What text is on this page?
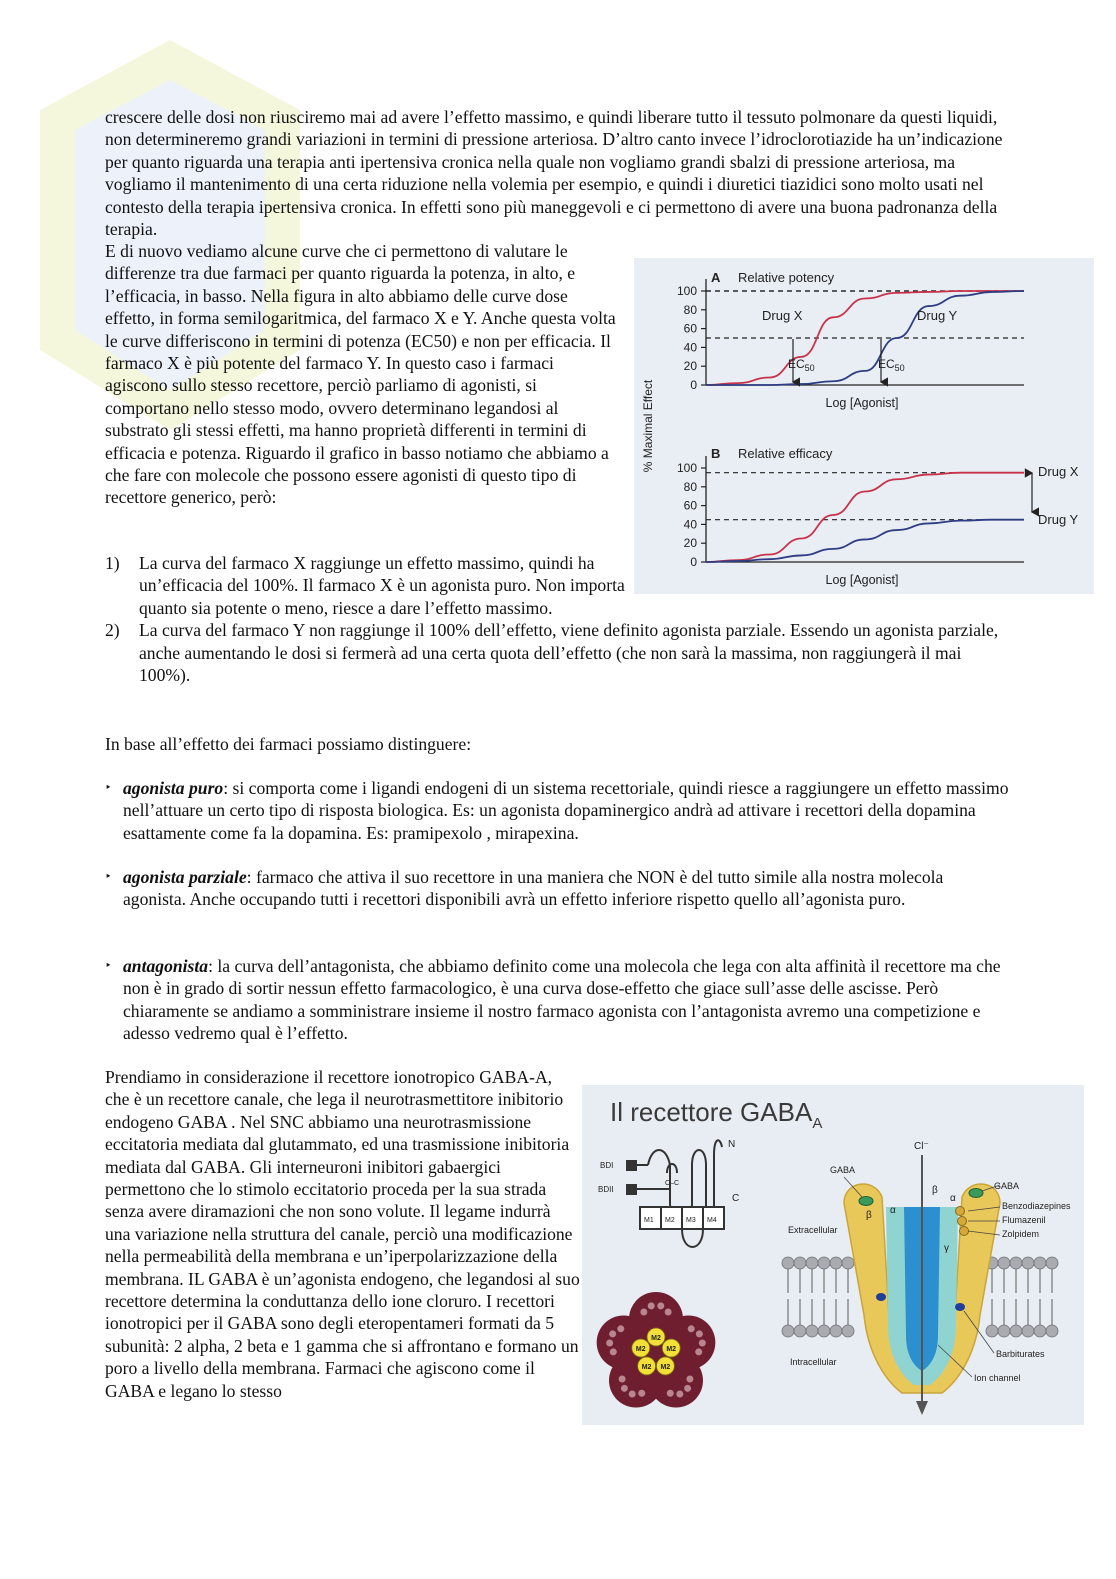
crescere delle dosi non riusciremo mai ad avere l’effetto massimo, e quindi liberare tutto il tessuto polmonare da questi liquidi, non determineremo grandi variazioni in termini di pressione arteriosa. D’altro canto invece l’idroclorotiazide ha un’indicazione per quanto riguarda una terapia anti ipertensiva cronica nella quale non vogliamo grandi sbalzi di pressione arteriosa, ma vogliamo il mantenimento di una certa riduzione nella volemia per esempio, e quindi i diuretici tiazidici sono molto usati nel contesto della terapia ipertensiva cronica. In effetti sono più maneggevoli e ci permettono di avere una buona padronanza della terapia.

E di nuovo vediamo alcune curve che ci permettono di valutare le differenze tra due farmaci per quanto riguarda la potenza, in alto, e l’efficacia, in basso. Nella figura in alto abbiamo delle curve dose effetto, in forma semilogaritmica, del farmaco X e Y. Anche questa volta le curve differiscono in termini di potenza (EC50) e non per efficacia. Il farmaco X è più potente del farmaco Y. In questo caso i farmaci agiscono sullo stesso recettore, perciò parliamo di agonisti, si comportano nello stesso modo, ovvero determinano legandosi al substrato gli stessi effetti, ma hanno proprietà differenti in termini di efficacia e potenza. Riguardo il grafico in basso notiamo che abbiamo a che fare con molecole che possono essere agonisti di questo tipo di recettore generico, però:

1) La curva del farmaco X raggiunge un effetto massimo, quindi ha un’efficacia del 100%. Il farmaco X è un agonista puro. Non importa quanto sia potente o meno, riesce a dare l’effetto massimo.
2) La curva del farmaco Y non raggiunge il 100% dell’effetto, viene definito agonista parziale. Essendo un agonista parziale, anche aumentando le dosi si fermerà ad una certa quota dell’effetto (che non sarà la massima, non raggiungerà il mai 100%).

In base all’effetto dei farmaci possiamo distinguere:

‣ agonista puro: si comporta come i ligandi endogeni di un sistema recettoriale, quindi riesce a raggiungere un effetto massimo nell’attuare un certo tipo di risposta biologica. Es: un agonista dopaminergico andrà ad attivare i recettori della dopamina esattamente come fa la dopamina. Es: pramipexolo , mirapexina.

‣ agonista parziale: farmaco che attiva il suo recettore in una maniera che NON è del tutto simile alla nostra molecola agonista. Anche occupando tutti i recettori disponibili avrà un effetto inferiore rispetto quello all’agonista puro.

‣ antagonista: la curva dell’antagonista, che abbiamo definito come una molecola che lega con alta affinità il recettore ma che non è in grado di sortir nessun effetto farmacologico, è una curva dose-effetto che giace sull’asse delle ascisse. Però chiaramente se andiamo a somministrare insieme il nostro farmaco agonista con l’antagonista avremo una competizione e adesso vedremo qual è l’effetto.

Prendiamo in considerazione il recettore ionotropico GABA-A, che è un recettore canale, che lega il neurotrasmettitore inibitorio endogeno GABA . Nel SNC abbiamo una neurotrasmissione eccitatoria mediata dal glutammato, ed una trasmissione inibitoria mediata dal GABA. Gli interneuroni inibitori gabaergici permettono che lo stimolo eccitatorio proceda per la sua strada senza avere diramazioni che non sono volute. Il legame indurrà una variazione nella struttura del canale, perciò una modificazione nella permeabilità della membrana e un’iperpolarizzazione della membrana. IL GABA è un’agonista endogeno, che legandosi al suo recettore determina la conduttanza dello ione cloruro. I recettori ionotropici per il GABA sono degli eteropentameri formati da 5 subunità: 2 alpha, 2 beta e 1 gamma che si affrontano e formano un poro a livello della membrana. Farmaci che agiscono come il GABA e legano lo stesso

% Maximal Effect
A Relative potency
100
80
60
40
20
0
Log [Agonist]
Drug X	Drug Y
$EC_{50}$	$EC_{50}$
B Relative efficacy
100
80
60
40
20
0
Log [Agonist]
Drug X
Drug Y
Il recettore $GABA_A$
BDI
BDII
N
C
C–C
M1 M2 M3 M4
M2
M2
M2
M2
M2
Cl⁻
GABA
GABA
β α
β
α
γ
Extracellular
Intracellular
Benzodiazepines
Flumazenil
Zolpidem
Barbiturates
Ion channel
